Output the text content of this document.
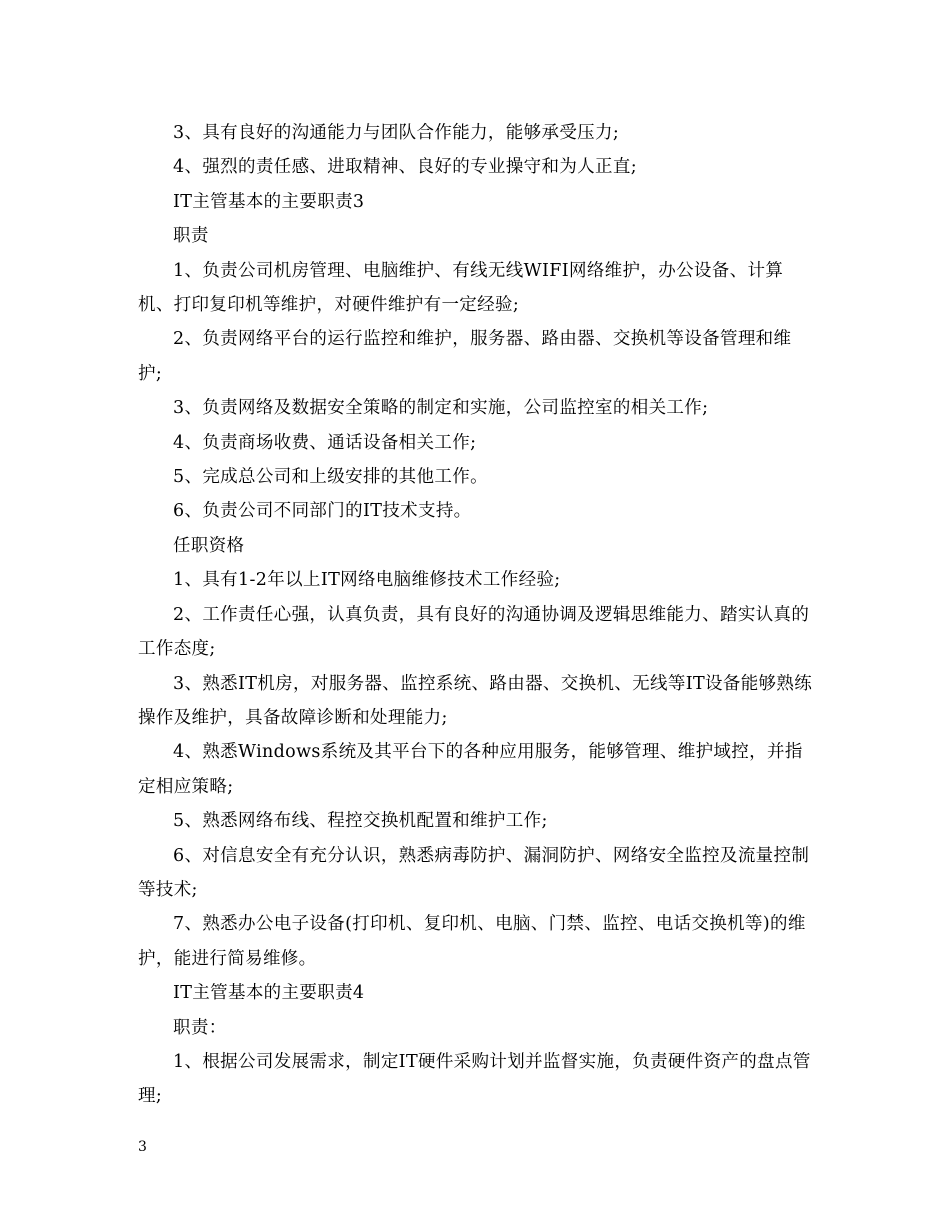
3、具有良好的沟通能力与团队合作能力，能够承受压力;

4、强烈的责任感、进取精神、良好的专业操守和为人正直;

IT主管基本的主要职责3

职责

1、负责公司机房管理、电脑维护、有线无线WIFI网络维护，办公设备、计算机、打印复印机等维护，对硬件维护有一定经验;

2、负责网络平台的运行监控和维护，服务器、路由器、交换机等设备管理和维护;

3、负责网络及数据安全策略的制定和实施，公司监控室的相关工作;

4、负责商场收费、通话设备相关工作;

5、完成总公司和上级安排的其他工作。

6、负责公司不同部门的IT技术支持。

任职资格

1、具有1-2年以上IT网络电脑维修技术工作经验;

2、工作责任心强，认真负责，具有良好的沟通协调及逻辑思维能力、踏实认真的工作态度;

3、熟悉IT机房，对服务器、监控系统、路由器、交换机、无线等IT设备能够熟练操作及维护，具备故障诊断和处理能力;

4、熟悉Windows系统及其平台下的各种应用服务，能够管理、维护域控，并指定相应策略;

5、熟悉网络布线、程控交换机配置和维护工作;

6、对信息安全有充分认识，熟悉病毒防护、漏洞防护、网络安全监控及流量控制等技术;

7、熟悉办公电子设备(打印机、复印机、电脑、门禁、监控、电话交换机等)的维护，能进行简易维修。

IT主管基本的主要职责4

职责：

1、根据公司发展需求，制定IT硬件采购计划并监督实施，负责硬件资产的盘点管理;

3
